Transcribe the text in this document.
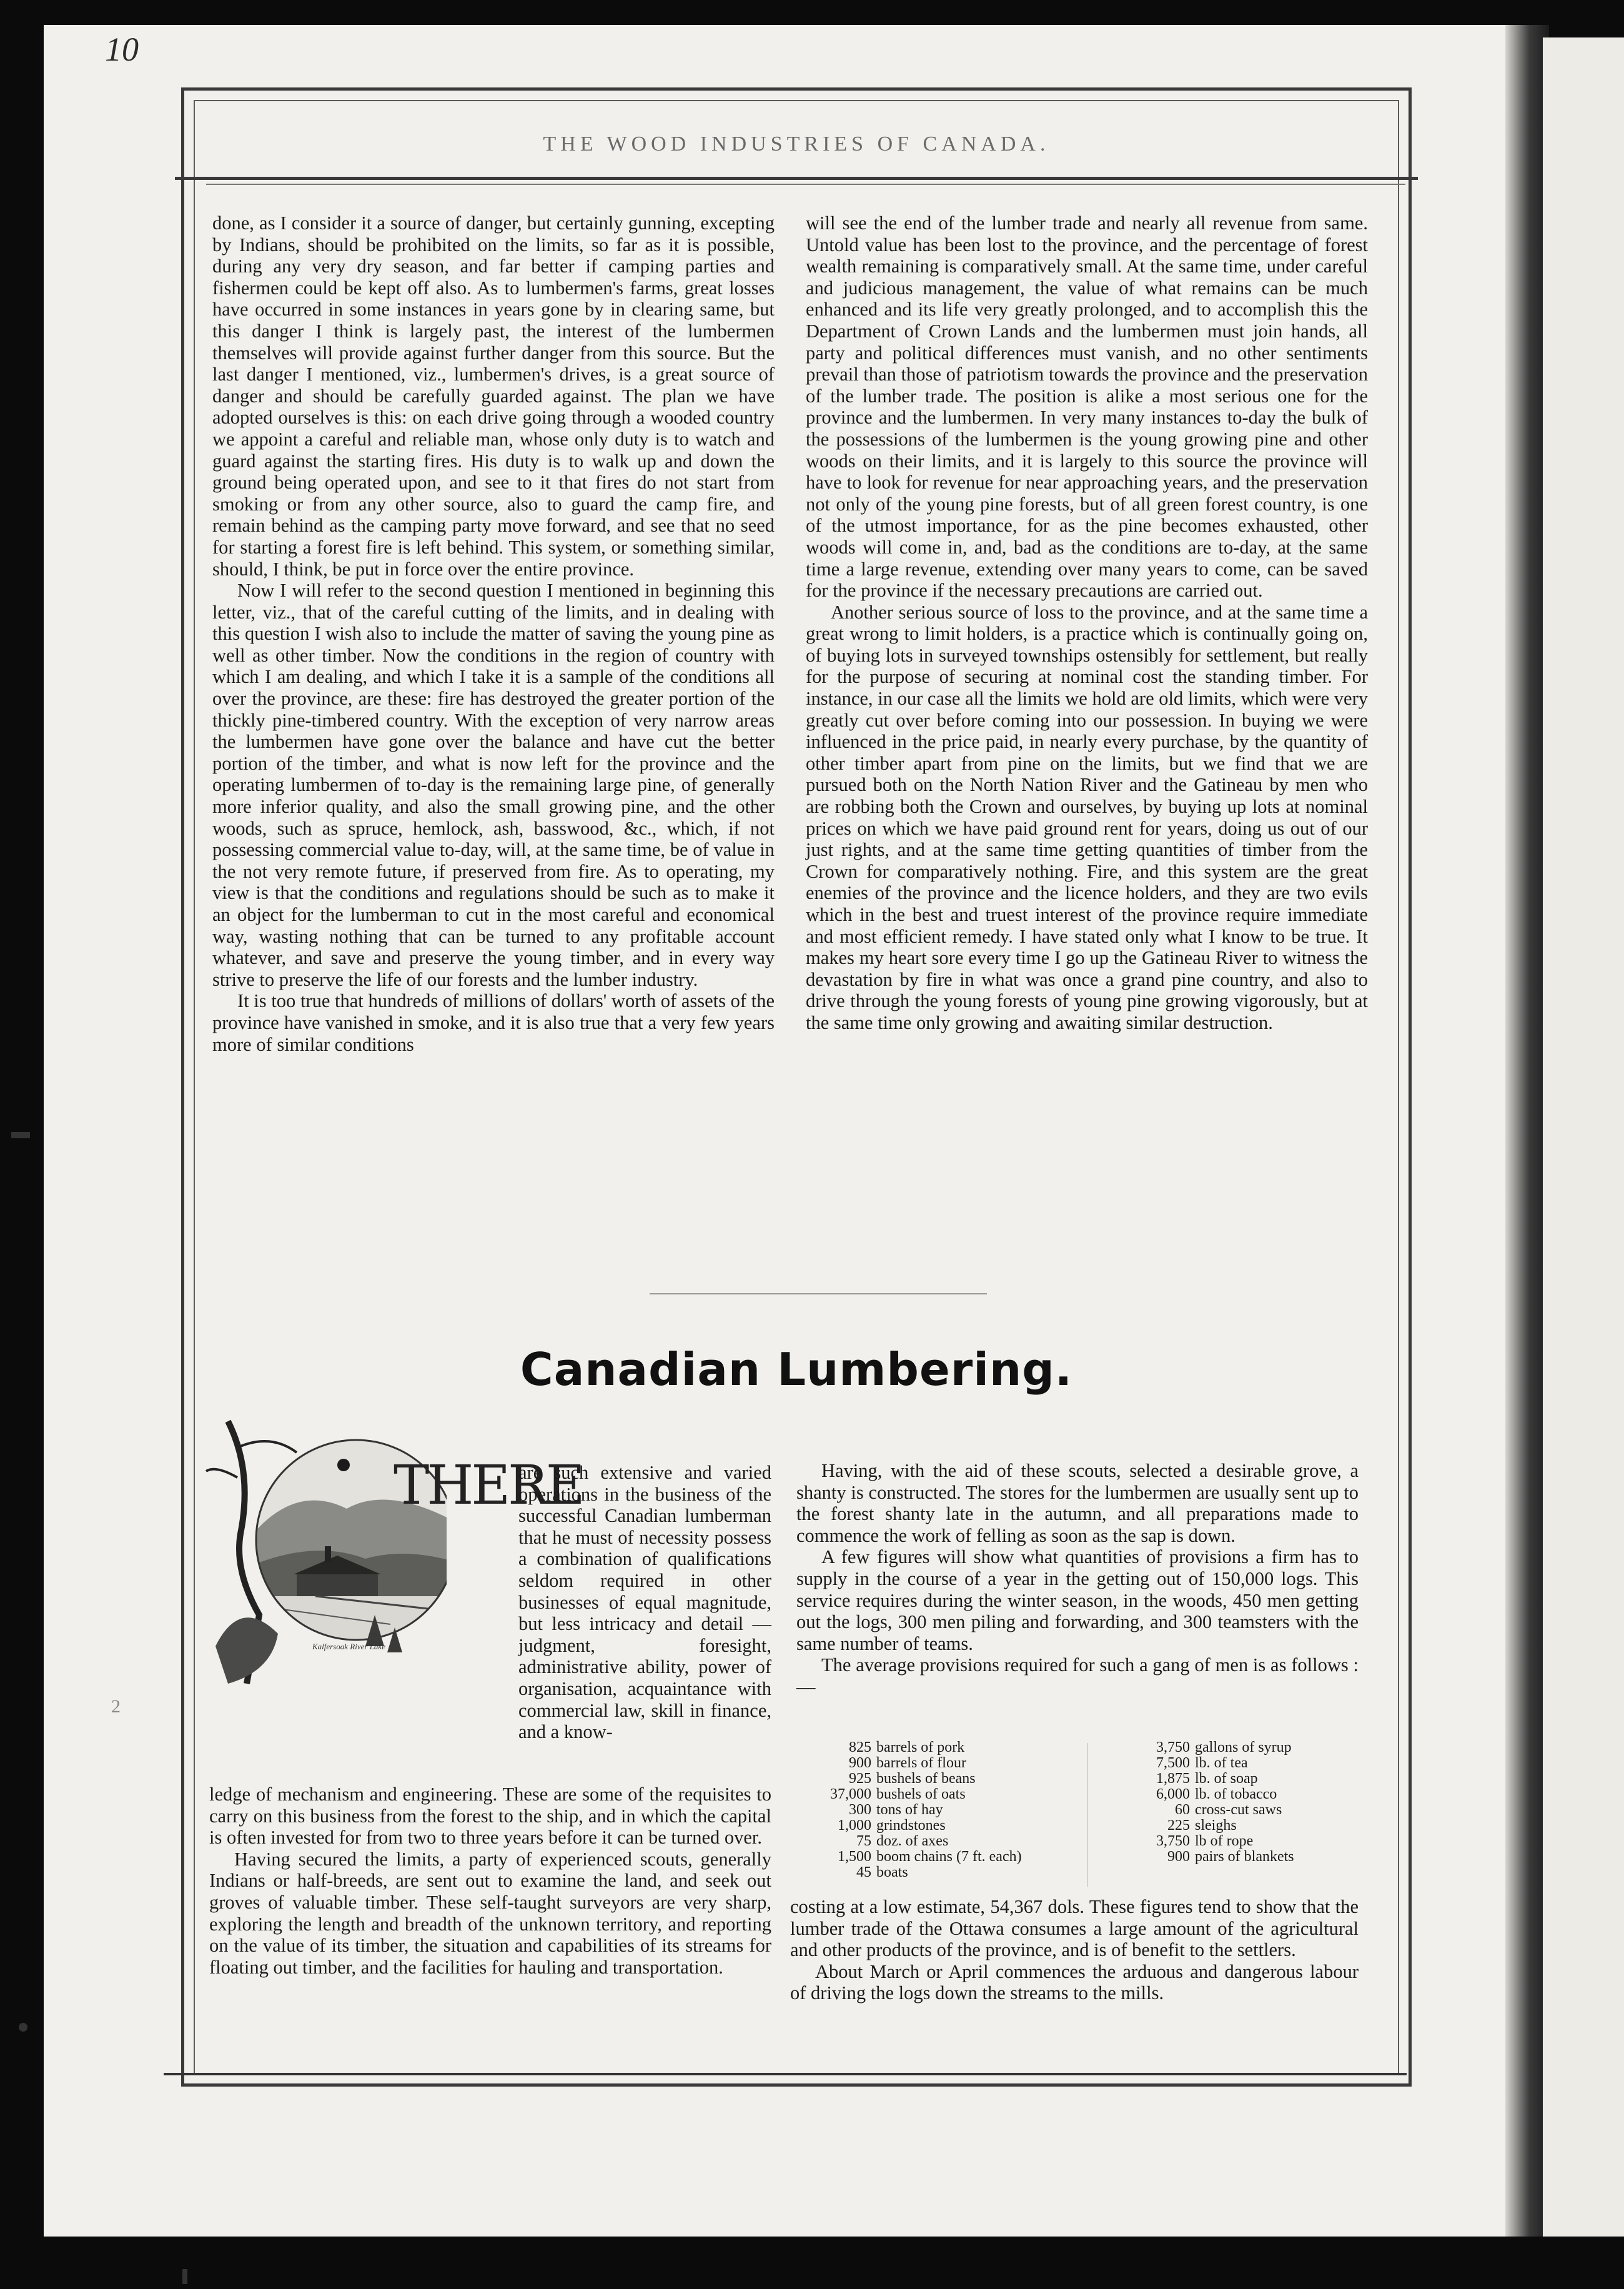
10
THE WOOD INDUSTRIES OF CANADA.

done, as I consider it a source of danger, but certainly gunning, excepting by Indians, should be prohibited on the limits, so far as it is possible, during any very dry season, and far better if camping parties and fishermen could be kept off also. As to lumbermen's farms, great losses have occurred in some instances in years gone by in clearing same, but this danger I think is largely past, the interest of the lumbermen themselves will provide against further danger from this source. But the last danger I mentioned, viz., lumbermen's drives, is a great source of danger and should be carefully guarded against. The plan we have adopted ourselves is this: on each drive going through a wooded country we appoint a careful and reliable man, whose only duty is to watch and guard against the starting fires. His duty is to walk up and down the ground being operated upon, and see to it that fires do not start from smoking or from any other source, also to guard the camp fire, and remain behind as the camping party move forward, and see that no seed for starting a forest fire is left behind. This system, or something similar, should, I think, be put in force over the entire province.

Now I will refer to the second question I mentioned in beginning this letter, viz., that of the careful cutting of the limits, and in dealing with this question I wish also to include the matter of saving the young pine as well as other timber. Now the conditions in the region of country with which I am dealing, and which I take it is a sample of the conditions all over the province, are these: fire has destroyed the greater portion of the thickly pine-timbered country. With the exception of very narrow areas the lumbermen have gone over the balance and have cut the better portion of the timber, and what is now left for the province and the operating lumbermen of to-day is the remaining large pine, of generally more inferior quality, and also the small growing pine, and the other woods, such as spruce, hemlock, ash, basswood, &c., which, if not possessing commercial value to-day, will, at the same time, be of value in the not very remote future, if preserved from fire. As to operating, my view is that the conditions and regulations should be such as to make it an object for the lumberman to cut in the most careful and economical way, wasting nothing that can be turned to any profitable account whatever, and save and preserve the young timber, and in every way strive to preserve the life of our forests and the lumber industry.

It is too true that hundreds of millions of dollars' worth of assets of the province have vanished in smoke, and it is also true that a very few years more of similar conditions

will see the end of the lumber trade and nearly all revenue from same. Untold value has been lost to the province, and the percentage of forest wealth remaining is comparatively small. At the same time, under careful and judicious management, the value of what remains can be much enhanced and its life very greatly prolonged, and to accomplish this the Department of Crown Lands and the lumbermen must join hands, all party and political differences must vanish, and no other sentiments prevail than those of patriotism towards the province and the preservation of the lumber trade. The position is alike a most serious one for the province and the lumbermen. In very many instances to-day the bulk of the possessions of the lumbermen is the young growing pine and other woods on their limits, and it is largely to this source the province will have to look for revenue for near approaching years, and the preservation not only of the young pine forests, but of all green forest country, is one of the utmost importance, for as the pine becomes exhausted, other woods will come in, and, bad as the conditions are to-day, at the same time a large revenue, extending over many years to come, can be saved for the province if the necessary precautions are carried out.

Another serious source of loss to the province, and at the same time a great wrong to limit holders, is a practice which is continually going on, of buying lots in surveyed townships ostensibly for settlement, but really for the purpose of securing at nominal cost the standing timber. For instance, in our case all the limits we hold are old limits, which were very greatly cut over before coming into our possession. In buying we were influenced in the price paid, in nearly every purchase, by the quantity of other timber apart from pine on the limits, but we find that we are pursued both on the North Nation River and the Gatineau by men who are robbing both the Crown and ourselves, by buying up lots at nominal prices on which we have paid ground rent for years, doing us out of our just rights, and at the same time getting quantities of timber from the Crown for comparatively nothing. Fire, and this system are the great enemies of the province and the licence holders, and they are two evils which in the best and truest interest of the province require immediate and most efficient remedy. I have stated only what I know to be true. It makes my heart sore every time I go up the Gatineau River to witness the devastation by fire in what was once a grand pine country, and also to drive through the young forests of young pine growing vigorously, but at the same time only growing and awaiting similar destruction.

Canadian Lumbering.
Kalfersoak River Lake
THERE

are such extensive and varied operations in the business of the successful Canadian lumberman that he must of necessity possess a combination of qualifications seldom required in other businesses of equal magnitude, but less intricacy and detail — judgment, foresight, administrative ability, power of organisation, acquaintance with commercial law, skill in finance, and a know-

ledge of mechanism and engineering. These are some of the requisites to carry on this business from the forest to the ship, and in which the capital is often invested for from two to three years before it can be turned over.

Having secured the limits, a party of experienced scouts, generally Indians or half-breeds, are sent out to examine the land, and seek out groves of valuable timber. These self-taught surveyors are very sharp, exploring the length and breadth of the unknown territory, and reporting on the value of its timber, the situation and capabilities of its streams for floating out timber, and the facilities for hauling and transportation.

Having, with the aid of these scouts, selected a desirable grove, a shanty is constructed. The stores for the lumbermen are usually sent up to the forest shanty late in the autumn, and all preparations made to commence the work of felling as soon as the sap is down.

A few figures will show what quantities of provisions a firm has to supply in the course of a year in the getting out of 150,000 logs. This service requires during the winter season, in the woods, 450 men getting out the logs, 300 men piling and forwarding, and 300 teamsters with the same number of teams.

The average provisions required for such a gang of men is as follows :—

825 barrels of pork
900 barrels of flour
925 bushels of beans
37,000 bushels of oats
300 tons of hay
1,000 grindstones
75 doz. of axes
1,500 boom chains (7 ft. each)
45 boats
3,750 gallons of syrup
7,500 lb. of tea
1,875 lb. of soap
6,000 lb. of tobacco
60 cross-cut saws
225 sleighs
3,750 lb of rope
900 pairs of blankets

costing at a low estimate, 54,367 dols. These figures tend to show that the lumber trade of the Ottawa consumes a large amount of the agricultural and other products of the province, and is of benefit to the settlers.

About March or April commences the arduous and dangerous labour of driving the logs down the streams to the mills.

2
